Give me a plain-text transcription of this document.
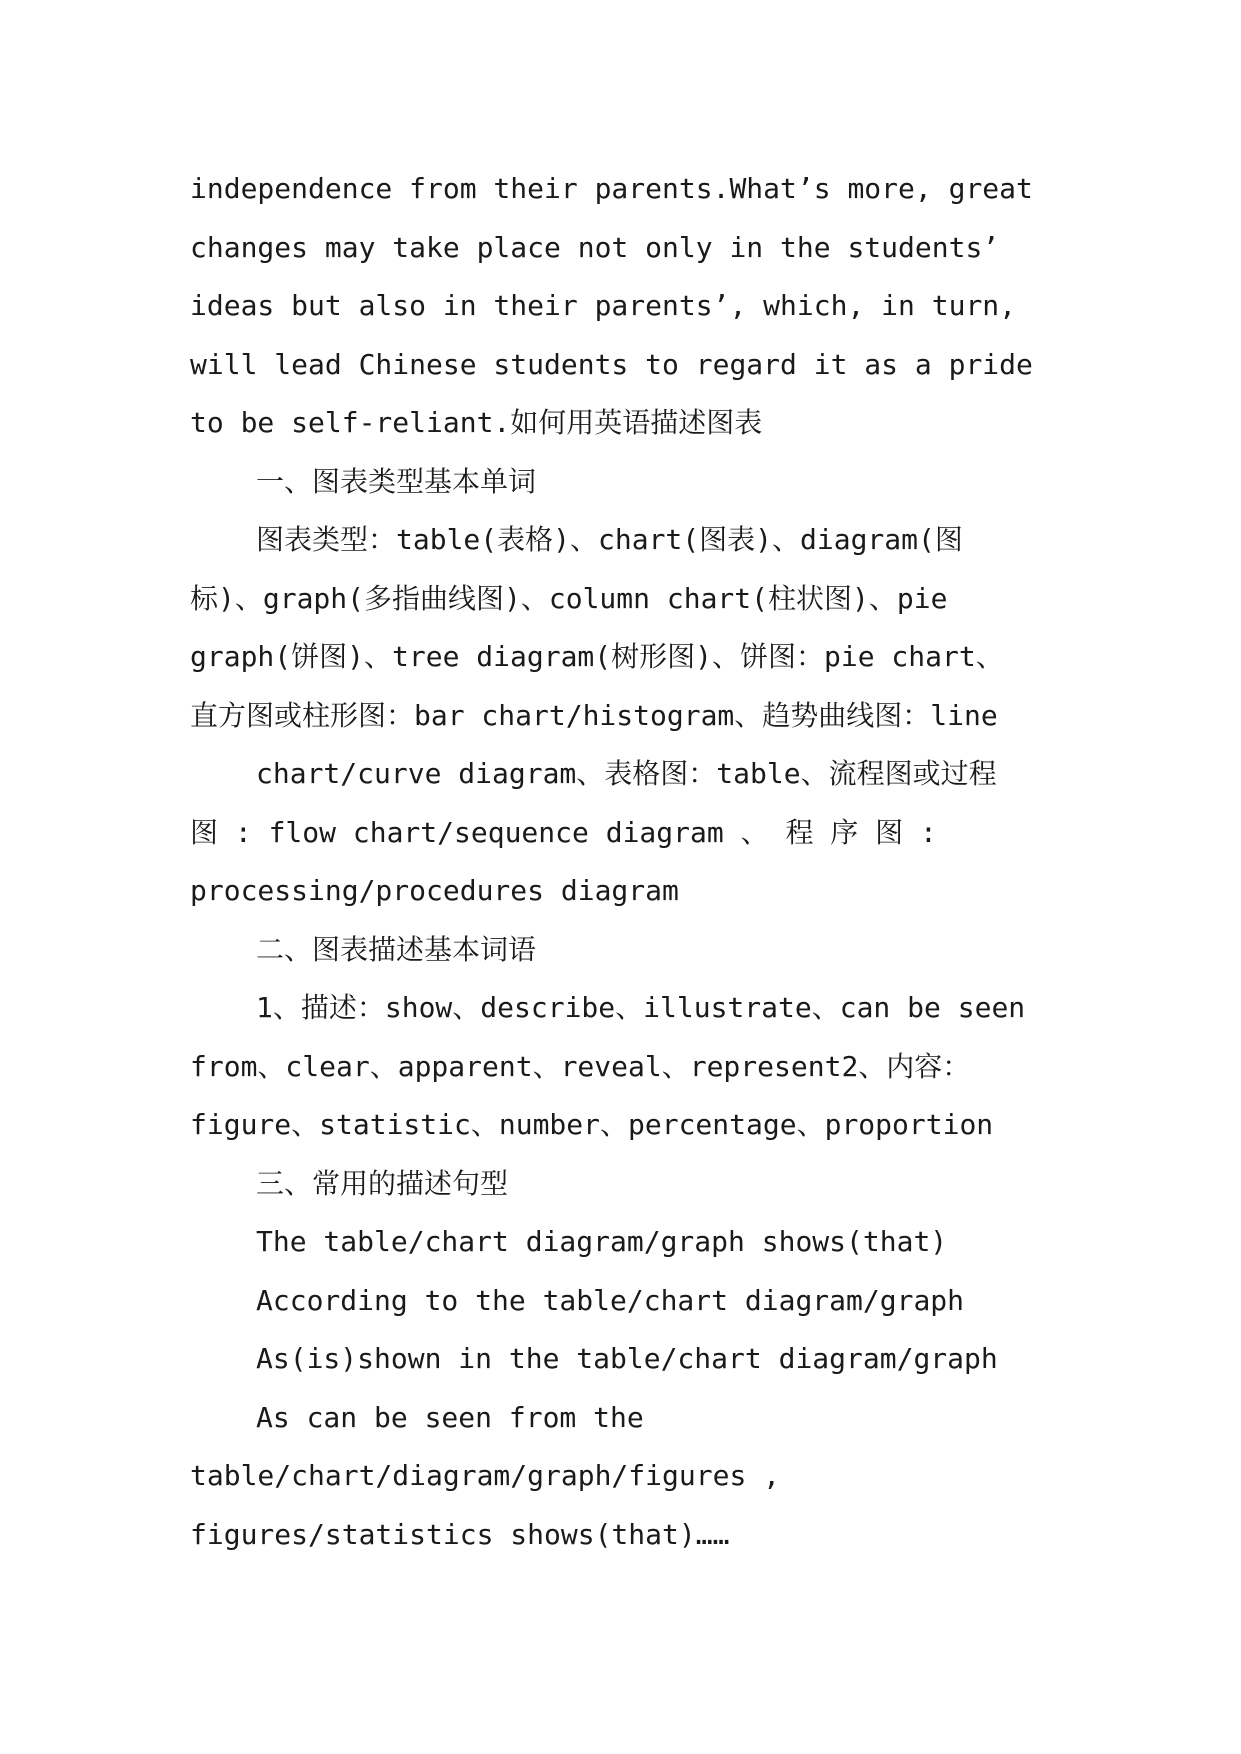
independence from their parents.What’s more, great
changes may take place not only in the students’
ideas but also in their parents’, which, in turn,
will lead Chinese students to regard it as a pride
to be self-reliant.如何用英语描述图表
一、图表类型基本单词
图表类型：table(表格)、chart(图表)、diagram(图
标)、graph(多指曲线图)、column chart(柱状图)、pie
graph(饼图)、tree diagram(树形图)、饼图：pie chart、
直方图或柱形图：bar chart/histogram、趋势曲线图：line
chart/curve diagram、表格图：table、流程图或过程
图 : flow chart/sequence diagram 、 程 序 图 :
processing/procedures diagram
二、图表描述基本词语
1、描述：show、describe、illustrate、can be seen
from、clear、apparent、reveal、represent2、内容：
figure、statistic、number、percentage、proportion
三、常用的描述句型
The table/chart diagram/graph shows(that)
According to the table/chart diagram/graph
As(is)shown in the table/chart diagram/graph
As can be seen from the
table/chart/diagram/graph/figures ,
figures/statistics shows(that)……
